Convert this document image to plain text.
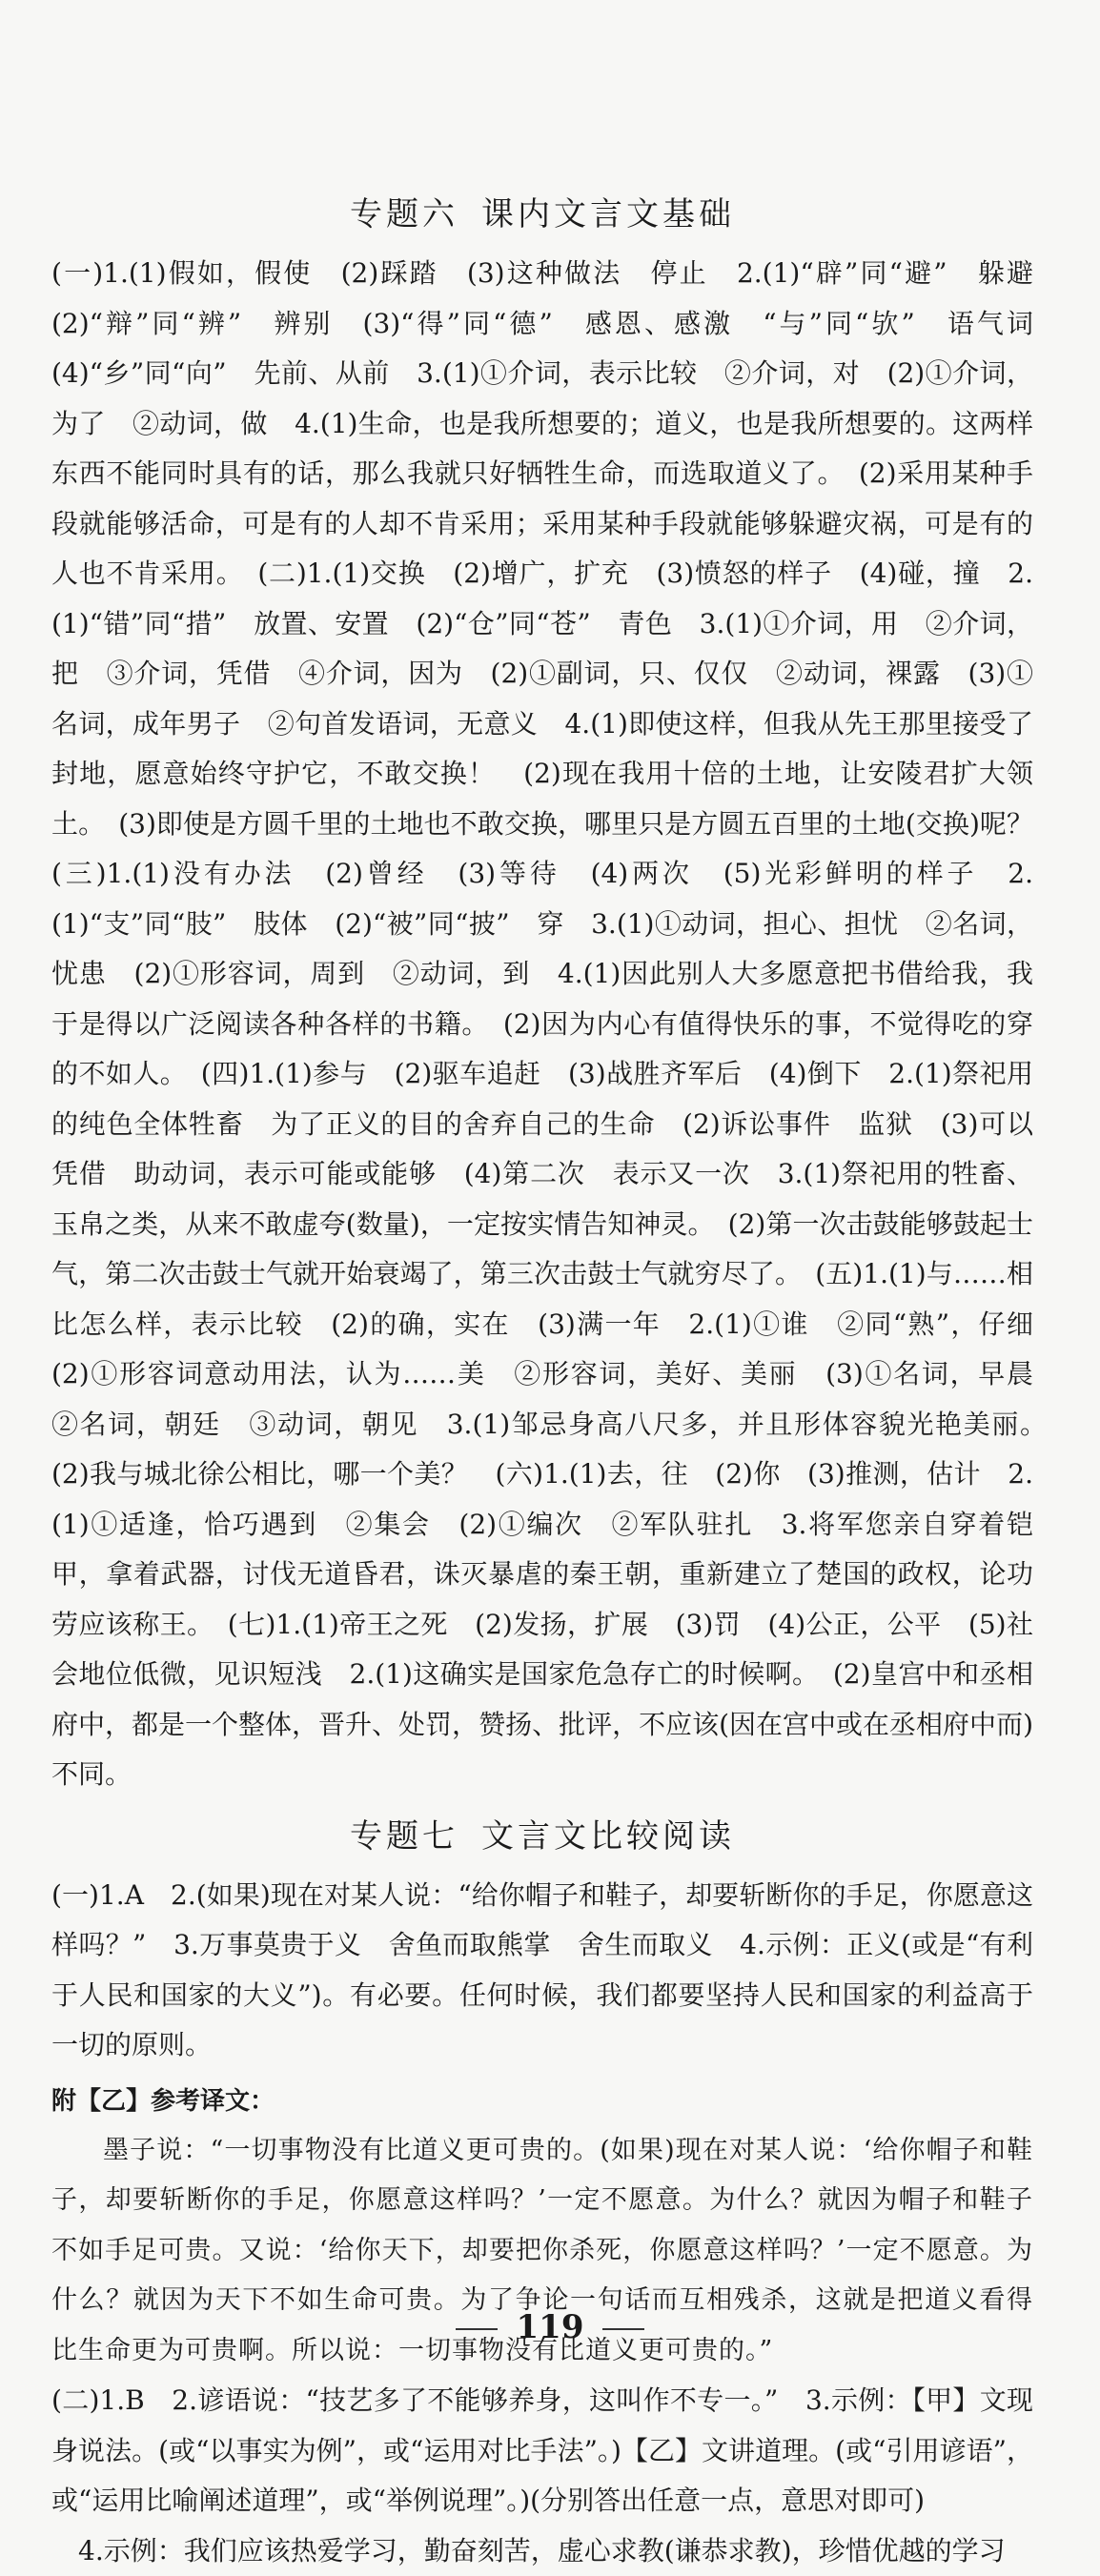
专题六 课内文言文基础

(一)1.(1)假如，假使　(2)踩踏　(3)这种做法　停止　2.(1)“辟”同“避”　躲避　(2)“辩”同“辨”　辨别　(3)“得”同“德”　感恩、感激　“与”同“欤”　语气词　(4)“乡”同“向”　先前、从前　3.(1)①介词，表示比较　②介词，对　(2)①介词，为了　②动词，做　4.(1)生命，也是我所想要的；道义，也是我所想要的。这两样东西不能同时具有的话，那么我就只好牺牲生命，而选取道义了。　(2)采用某种手段就能够活命，可是有的人却不肯采用；采用某种手段就能够躲避灾祸，可是有的人也不肯采用。　(二)1.(1)交换　(2)增广，扩充　(3)愤怒的样子　(4)碰，撞　2.(1)“错”同“措”　放置、安置　(2)“仓”同“苍”　青色　3.(1)①介词，用　②介词，把　③介词，凭借　④介词，因为　(2)①副词，只、仅仅　②动词，裸露　(3)①名词，成年男子　②句首发语词，无意义　4.(1)即使这样，但我从先王那里接受了封地，愿意始终守护它，不敢交换！　(2)现在我用十倍的土地，让安陵君扩大领土。　(3)即使是方圆千里的土地也不敢交换，哪里只是方圆五百里的土地(交换)呢？　(三)1.(1)没有办法　(2)曾经　(3)等待　(4)两次　(5)光彩鲜明的样子　2.(1)“支”同“肢”　肢体　(2)“被”同“披”　穿　3.(1)①动词，担心、担忧　②名词，忧患　(2)①形容词，周到　②动词，到　4.(1)因此别人大多愿意把书借给我，我于是得以广泛阅读各种各样的书籍。　(2)因为内心有值得快乐的事，不觉得吃的穿的不如人。　(四)1.(1)参与　(2)驱车追赶　(3)战胜齐军后　(4)倒下　2.(1)祭祀用的纯色全体牲畜　为了正义的目的舍弃自己的生命　(2)诉讼事件　监狱　(3)可以凭借　助动词，表示可能或能够　(4)第二次　表示又一次　3.(1)祭祀用的牲畜、玉帛之类，从来不敢虚夸(数量)，一定按实情告知神灵。　(2)第一次击鼓能够鼓起士气，第二次击鼓士气就开始衰竭了，第三次击鼓士气就穷尽了。　(五)1.(1)与……相比怎么样，表示比较　(2)的确，实在　(3)满一年　2.(1)①谁　②同“熟”，仔细　(2)①形容词意动用法，认为……美　②形容词，美好、美丽　(3)①名词，早晨　②名词，朝廷　③动词，朝见　3.(1)邹忌身高八尺多，并且形体容貌光艳美丽。　(2)我与城北徐公相比，哪一个美？　(六)1.(1)去，往　(2)你　(3)推测，估计　2.(1)①适逢，恰巧遇到　②集会　(2)①编次　②军队驻扎　3.将军您亲自穿着铠甲，拿着武器，讨伐无道昏君，诛灭暴虐的秦王朝，重新建立了楚国的政权，论功劳应该称王。　(七)1.(1)帝王之死　(2)发扬，扩展　(3)罚　(4)公正，公平　(5)社会地位低微，见识短浅　2.(1)这确实是国家危急存亡的时候啊。　(2)皇宫中和丞相府中，都是一个整体，晋升、处罚，赞扬、批评，不应该(因在宫中或在丞相府中而)不同。

专题七 文言文比较阅读

(一)1.A　2.(如果)现在对某人说：“给你帽子和鞋子，却要斩断你的手足，你愿意这样吗？”　3.万事莫贵于义　舍鱼而取熊掌　舍生而取义　4.示例：正义(或是“有利于人民和国家的大义”)。有必要。任何时候，我们都要坚持人民和国家的利益高于一切的原则。

附【乙】参考译文：

墨子说：“一切事物没有比道义更可贵的。(如果)现在对某人说：‘给你帽子和鞋子，却要斩断你的手足，你愿意这样吗？’一定不愿意。为什么？就因为帽子和鞋子不如手足可贵。又说：‘给你天下，却要把你杀死，你愿意这样吗？’一定不愿意。为什么？就因为天下不如生命可贵。为了争论一句话而互相残杀，这就是把道义看得比生命更为可贵啊。所以说：一切事物没有比道义更可贵的。”

(二)1.B　2.谚语说：“技艺多了不能够养身，这叫作不专一。”　3.示例：【甲】文现身说法。(或“以事实为例”，或“运用对比手法”。)【乙】文讲道理。(或“引用谚语”，或“运用比喻阐述道理”，或“举例说理”。)(分别答出任意一点，意思对即可)

4.示例：我们应该热爱学习，勤奋刻苦，虚心求教(谦恭求教)，珍惜优越的学习

119
